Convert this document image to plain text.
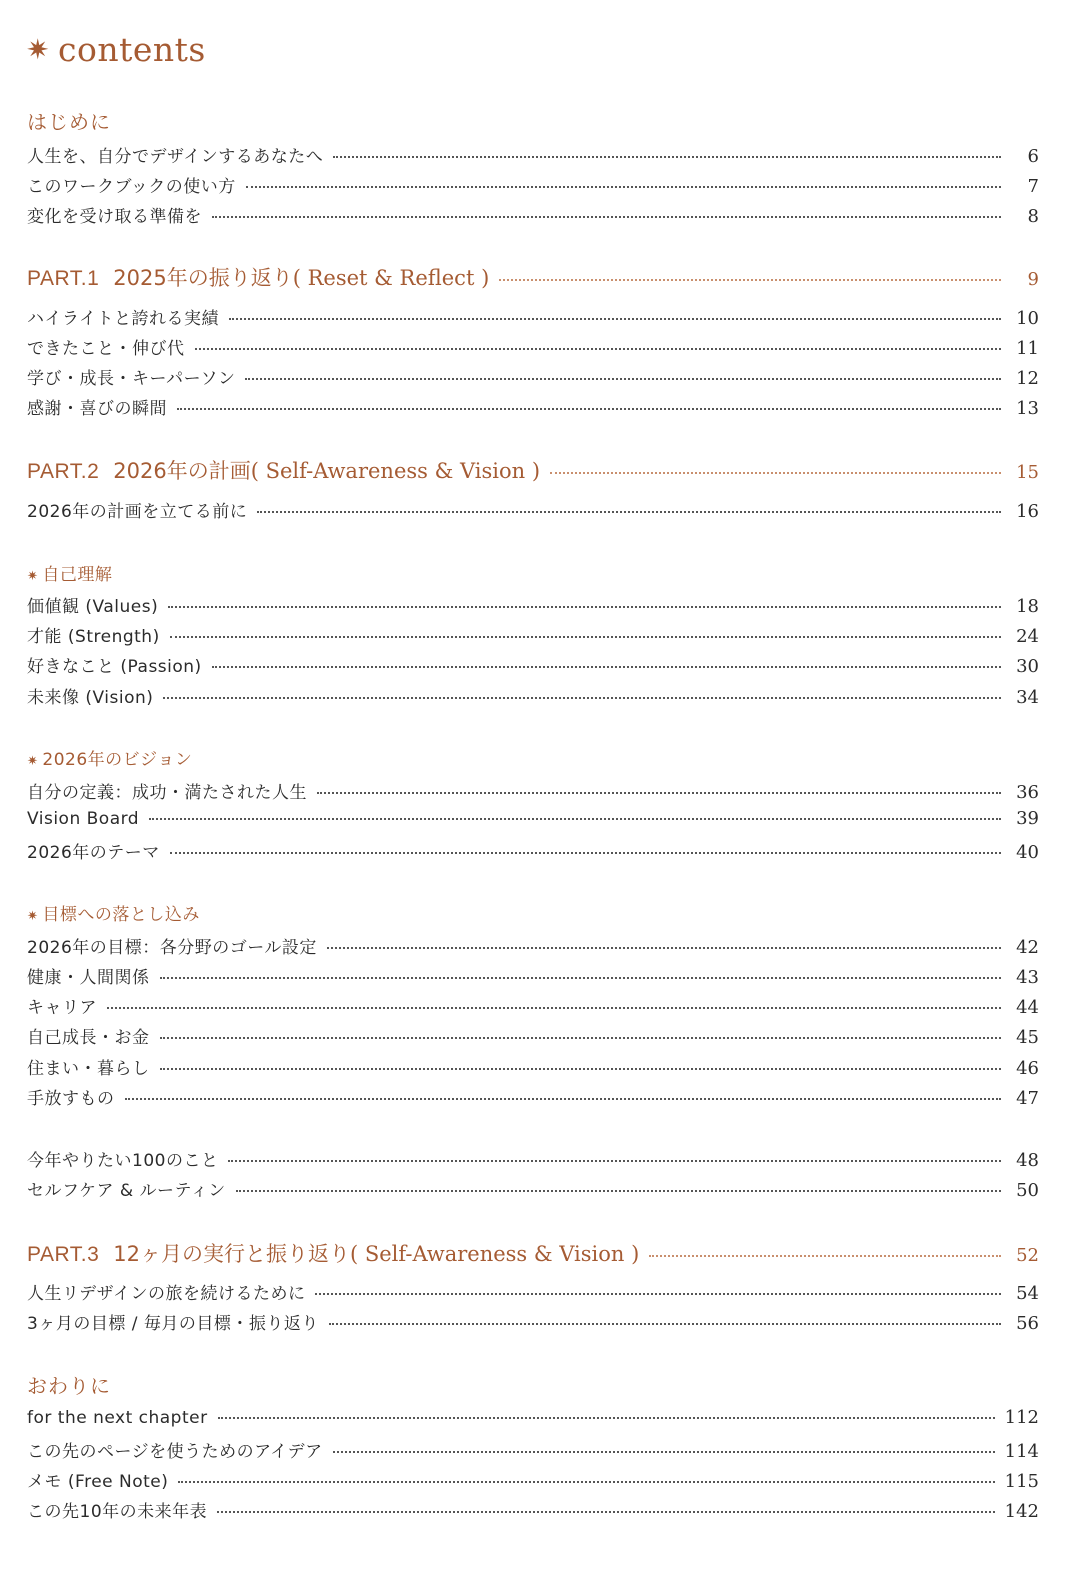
✷ contents
はじめに
人生を、自分でデザインするあなたへ	6
このワークブックの使い方	7
変化を受け取る準備を	8
PART.1 2025年の振り返り( Reset & Reflect )	9
ハイライトと誇れる実績	10
できたこと・伸び代	11
学び・成長・キーパーソン	12
感謝・喜びの瞬間	13
PART.2 2026年の計画( Self-Awareness & Vision )	15
2026年の計画を立てる前に	16
✷ 自己理解
価値観 (Values)	18
才能 (Strength)	24
好きなこと (Passion)	30
未来像 (Vision)	34
✷ 2026年のビジョン
自分の定義：成功・満たされた人生	36
Vision Board	39
2026年のテーマ	40
✷ 目標への落とし込み
2026年の目標：各分野のゴール設定	42
健康・人間関係	43
キャリア	44
自己成長・お金	45
住まい・暮らし	46
手放すもの	47
今年やりたい100のこと	48
セルフケア & ルーティン	50
PART.3 12ヶ月の実行と振り返り( Self-Awareness & Vision )	52
人生リデザインの旅を続けるために	54
3ヶ月の目標 / 毎月の目標・振り返り	56
おわりに
for the next chapter	112
この先のページを使うためのアイデア	114
メモ (Free Note)	115
この先10年の未来年表	142
